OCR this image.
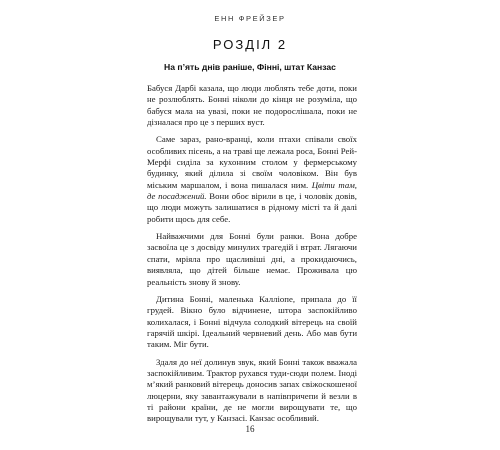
ЕНН ФРЕЙЗЕР
РОЗДІЛ 2
На п’ять днів раніше, Фінні, штат Канзас

Бабуся Дарбі казала, що люди люблять тебе доти, поки не розлюблять. Бонні ніколи до кінця не розуміла, що бабуся мала на увазі, поки не подорослішала, поки не дізналася про це з перших вуст.

Саме зараз, рано-вранці, коли птахи співали своїх особливих пісень, а на траві ще лежала роса, Бонні Рей-Мерфі сиділа за кухонним столом у фермерському будинку, який ділила зі своїм чоловіком. Він був міським маршалом, і вона пишалася ним. Цвіти там, де посаджений. Вони обоє вірили в це, і чоловік довів, що люди можуть залишатися в рідному місті та й далі робити щось для себе.

Найважчими для Бонні були ранки. Вона добре засвоїла це з досвіду минулих трагедій і втрат. Лягаючи спати, мріяла про щасливіші дні, а прокидаючись, виявляла, що дітей більше немає. Проживала цю реальність знову й знову.

Дитина Бонні, маленька Калліопе, припала до її грудей. Вікно було відчинене, штора заспокійливо колихалася, і Бонні відчула солодкий вітерець на своїй гарячій шкірі. Ідеальний червневий день. Або мав бути таким. Міг бути.

Здаля до неї долинув звук, який Бонні також вважала заспокійливим. Трактор рухався туди-сюди полем. Іноді м’який ранковий вітерець доносив запах свіжоскошеної люцерни, яку завантажували в напівпричепи й везли в ті райони країни, де не могли вирощувати те, що вирощували тут, у Канзасі. Канзас особливий.

16
